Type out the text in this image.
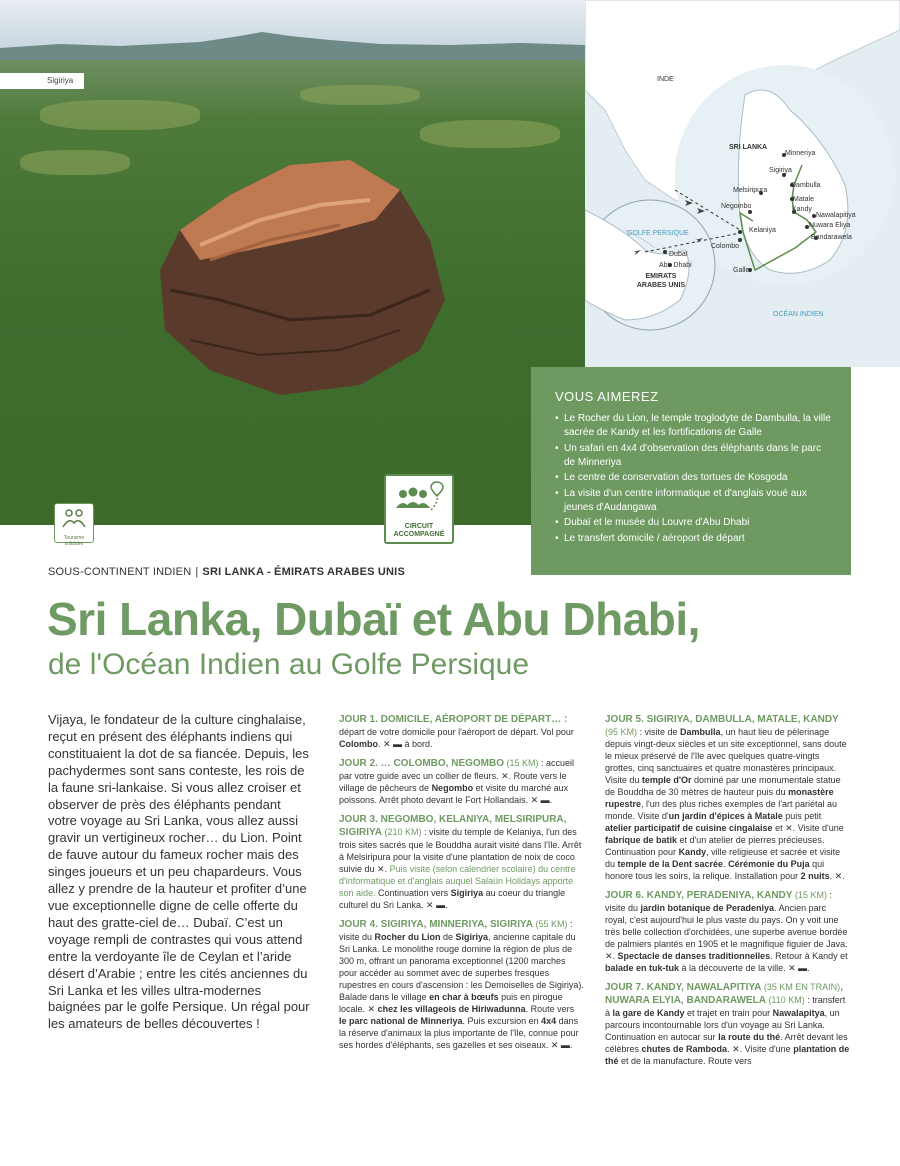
Sigiriya
Tourisme solidaire
CIRCUIT ACCOMPAGNÉ
INDE
SRI LANKA
GOLFE PERSIQUE
EMIRATS ARABES UNIS
OCÉAN INDIEN
Minneriya
Sigiriya
Dambulla
Melsiripura
Matale
Kandy
Negombo
Nawalapitiya
Nuwara Eliya
Kelaniya
Bandarawela
Colombo
Galle
Dubaï
Abu Dhabi
VOUS AIMEREZ
• Le Rocher du Lion, le temple troglodyte de Dambulla, la ville sacrée de Kandy et les fortifications de Galle
• Un safari en 4x4 d'observation des éléphants dans le parc de Minneriya
• Le centre de conservation des tortues de Kosgoda
• La visite d'un centre informatique et d'anglais voué aux jeunes d'Audangawa
• Dubaï et le musée du Louvre d'Abu Dhabi
• Le transfert domicile / aéroport de départ
SOUS-CONTINENT INDIEN | SRI LANKA - ÉMIRATS ARABES UNIS
Sri Lanka, Dubaï et Abu Dhabi,
de l'Océan Indien au Golfe Persique

Vijaya, le fondateur de la culture cinghalaise, reçut en présent des éléphants indiens qui constituaient la dot de sa fiancée. Depuis, les pachydermes sont sans conteste, les rois de la faune sri-lankaise. Si vous allez croiser et observer de près des éléphants pendant votre voyage au Sri Lanka, vous allez aussi gravir un vertigineux rocher… du Lion. Point de fauve autour du fameux rocher mais des singes joueurs et un peu chapardeurs. Vous allez y prendre de la hauteur et profiter d’une vue exceptionnelle digne de celle offerte du haut des gratte-ciel de… Dubaï. C’est un voyage rempli de contrastes qui vous attend entre la verdoyante île de Ceylan et l’aride désert d’Arabie ; entre les cités anciennes du Sri Lanka et les villes ultra-modernes baignées par le golfe Persique. Un régal pour les amateurs de belles découvertes !

JOUR 1. DOMICILE, AÉROPORT DE DÉPART… : départ de votre domicile pour l'aéroport de départ. Vol pour Colombo. ✕ ▬ à bord.

JOUR 2. … COLOMBO, NEGOMBO (15 KM) : accueil par votre guide avec un collier de fleurs. ✕. Route vers le village de pêcheurs de Negombo et visite du marché aux poissons. Arrêt photo devant le Fort Hollandais. ✕ ▬.

JOUR 3. NEGOMBO, KELANIYA, MELSIRIPURA, SIGIRIYA (210 KM) : visite du temple de Kelaniya, l'un des trois sites sacrés que le Bouddha aurait visité dans l'île. Arrêt à Melsiripura pour la visite d'une plantation de noix de coco suivie du ✕. Puis visite (selon calendrier scolaire) du centre d'informatique et d'anglais auquel Salaün Holidays apporte son aide. Continuation vers Sigiriya au coeur du triangle culturel du Sri Lanka. ✕ ▬.

JOUR 4. SIGIRIYA, MINNERIYA, SIGIRIYA (55 KM) : visite du Rocher du Lion de Sigiriya, ancienne capitale du Sri Lanka. Le monolithe rouge domine la région de plus de 300 m, offrant un panorama exceptionnel (1200 marches pour accéder au sommet avec de superbes fresques rupestres en cours d'ascension : les Demoiselles de Sigiriya). Balade dans le village en char à bœufs puis en pirogue locale. ✕ chez les villageois de Hiriwadunna. Route vers le parc national de Minneriya. Puis excursion en 4x4 dans la réserve d'animaux la plus importante de l'île, connue pour ses hordes d'éléphants, ses gazelles et ses oiseaux. ✕ ▬.

JOUR 5. SIGIRIYA, DAMBULLA, MATALE, KANDY (95 KM) : visite de Dambulla, un haut lieu de pèlerinage depuis vingt-deux siècles et un site exceptionnel, sans doute le mieux préservé de l'île avec quelques quatre-vingts grottes, cinq sanctuaires et quatre monastères principaux. Visite du temple d'Or dominé par une monumentale statue de Bouddha de 30 mètres de hauteur puis du monastère rupestre, l'un des plus riches exemples de l'art pariétal au monde. Visite d'un jardin d'épices à Matale puis petit atelier participatif de cuisine cingalaise et ✕. Visite d'une fabrique de batik et d'un atelier de pierres précieuses. Continuation pour Kandy, ville religieuse et sacrée et visite du temple de la Dent sacrée. Cérémonie du Puja qui honore tous les soirs, la relique. Installation pour 2 nuits. ✕.

JOUR 6. KANDY, PERADENIYA, KANDY (15 KM) : visite du jardin botanique de Peradeniya. Ancien parc royal, c'est aujourd'hui le plus vaste du pays. On y voit une très belle collection d'orchidées, une superbe avenue bordée de palmiers plantés en 1905 et le magnifique figuier de Java. ✕. Spectacle de danses traditionnelles. Retour à Kandy et balade en tuk-tuk à la découverte de la ville. ✕ ▬.

JOUR 7. KANDY, NAWALAPITIYA (35 KM EN TRAIN), NUWARA ELYIA, BANDARAWELA (110 KM) : transfert à la gare de Kandy et trajet en train pour Nawalapitya, un parcours incontournable lors d'un voyage au Sri Lanka. Continuation en autocar sur la route du thé. Arrêt devant les célèbres chutes de Ramboda. ✕. Visite d'une plantation de thé et de la manufacture. Route vers
